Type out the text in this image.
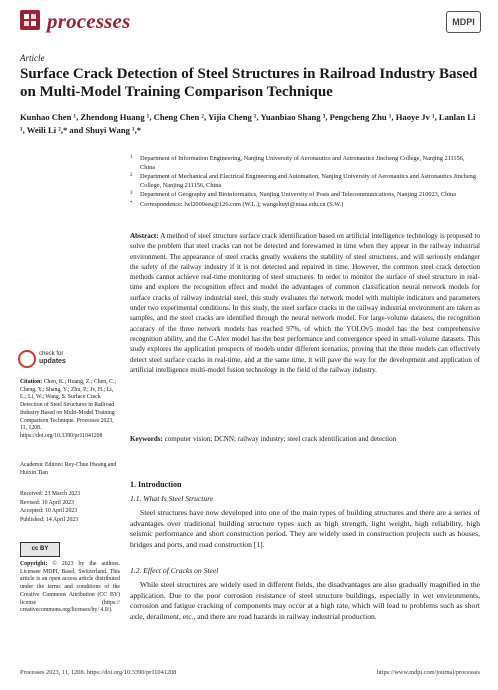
processes	MDPI
Article
Surface Crack Detection of Steel Structures in Railroad Industry Based on Multi-Model Training Comparison Technique
Kunhao Chen ¹, Zhendong Huang ¹, Cheng Chen ², Yijia Cheng ¹, Yuanbiao Shang ³, Pengcheng Zhu ¹, Haoye Jv ¹, Lanlan Li ¹, Weili Li ²,* and Shuyi Wang ¹,*
1 Department of Information Engineering, Nanjing University of Aeronautics and Astronautics Jincheng College, Nanjing 211156, China
2 Department of Mechanical and Electrical Engineering and Automation, Nanjing University of Aeronautics and Astronautics Jincheng College, Nanjing 211156, China
3 Department of Geography and Bioinformatics, Nanjing University of Posts and Telecommunications, Nanjing 210023, China
* Correspondence: lwl2009seu@126.com (W.L.); wangshuyi@nuaa.edu.cn (S.W.)
Abstract: A method of steel structure surface crack identification based on artificial intelligence technology is proposed to solve the problem that steel cracks can not be detected and forewarned in time when they appear in the railway industrial environment. The appearance of steel cracks greatly weakens the stability of steel structures, and will seriously endanger the safety of the railway industry if it is not detected and repaired in time. However, the common steel crack detection methods cannot achieve real-time monitoring of steel structures. In order to monitor the surface of steel structure in real-time and explore the recognition effect and model the advantages of common classification neural network models for surface cracks of railway industrial steel, this study evaluates the network model with multiple indicators and parameters under two experimental conditions. In this study, the steel surface cracks in the railway industrial environment are taken as samples, and the steel cracks are identified through the neural network model. For large-volume datasets, the recognition accuracy of the three network models has reached 97%, of which the YOLOv5 model has the best comprehensive recognition ability, and the C-Alex model has the best performance and convergence speed in small-volume datasets. This study explores the application prospects of models under different scenarios, proving that the three models can effectively detect steel surface cracks in real-time, and at the same time, it will pave the way for the development and application of artificial intelligence multi-model fusion technology in the field of the railway industry.
Keywords: computer vision; DCNN; railway industry; steel crack identification and detection
check for
updates
Citation: Chen, K.; Huang, Z.; Chen, C.; Cheng, Y.; Shang, Y.; Zhu, P.; Jv, H.; Li, L.; Li, W.; Wang, S. Surface Crack Detection of Steel Structures in Railroad Industry Based on Multi-Model Training Comparison Technique. Processes 2023, 11, 1208. https://doi.org/10.3390/pr11041208
Academic Editors: Rey-Chue Hwang and Huixin Tian
Received: 23 March 2023
Revised: 10 April 2023
Accepted: 10 April 2023
Published: 14 April 2023
cc BY
Copyright: © 2023 by the authors. Licensee MDPI, Basel, Switzerland. This article is an open access article distributed under the terms and conditions of the Creative Commons Attribution (CC BY) license (https:// creativecommons.org/licenses/by/ 4.0/).
1. Introduction
1.1. What Is Steel Structure

Steel structures have now developed into one of the main types of building structures and there are a series of advantages over traditional building structure types such as high strength, light weight, high reliability, high seismic performance and short construction period. They are widely used in construction projects such as houses, bridges and ports, and road construction [1].

1.2. Effect of Cracks on Steel

While steel structures are widely used in different fields, the disadvantages are also gradually magnified in the application. Due to the poor corrosion resistance of steel structure buildings, especially in wet environments, corrosion and fatigue cracking of components may occur at a high rate, which will lead to problems such as short axle, derailment, etc., and there are road hazards in railway industrial production.

Processes 2023, 11, 1208. https://doi.org/10.3390/pr11041208	https://www.mdpi.com/journal/processes
